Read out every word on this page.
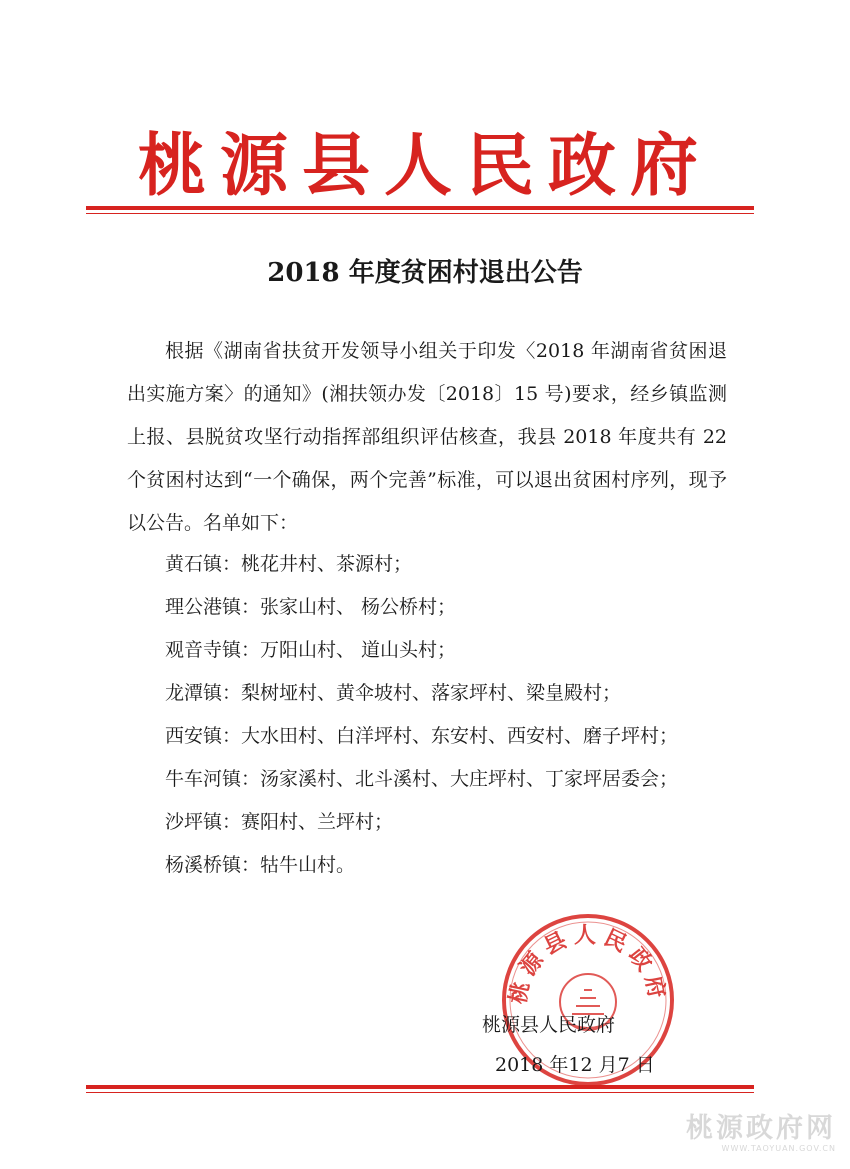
桃源县人民政府
2018 年度贫困村退出公告

根据《湖南省扶贫开发领导小组关于印发〈2018 年湖南省贫困退出实施方案〉的通知》(湘扶领办发〔2018〕15 号)要求，经乡镇监测上报、县脱贫攻坚行动指挥部组织评估核查，我县 2018 年度共有 22 个贫困村达到“一个确保，两个完善”标准，可以退出贫困村序列，现予以公告。名单如下：

黄石镇：桃花井村、茶源村；
理公港镇：张家山村、 杨公桥村；
观音寺镇：万阳山村、 道山头村；
龙潭镇：梨树垭村、黄伞坡村、落家坪村、梁皇殿村；
西安镇：大水田村、白洋坪村、东安村、西安村、磨子坪村；
牛车河镇：汤家溪村、北斗溪村、大庄坪村、丁家坪居委会；
沙坪镇：赛阳村、兰坪村；
杨溪桥镇：牯牛山村。
桃源县人民政府
桃源县人民政府
2018 年12 月7 日
桃源政府网
WWW.TAOYUAN.GOV.CN
